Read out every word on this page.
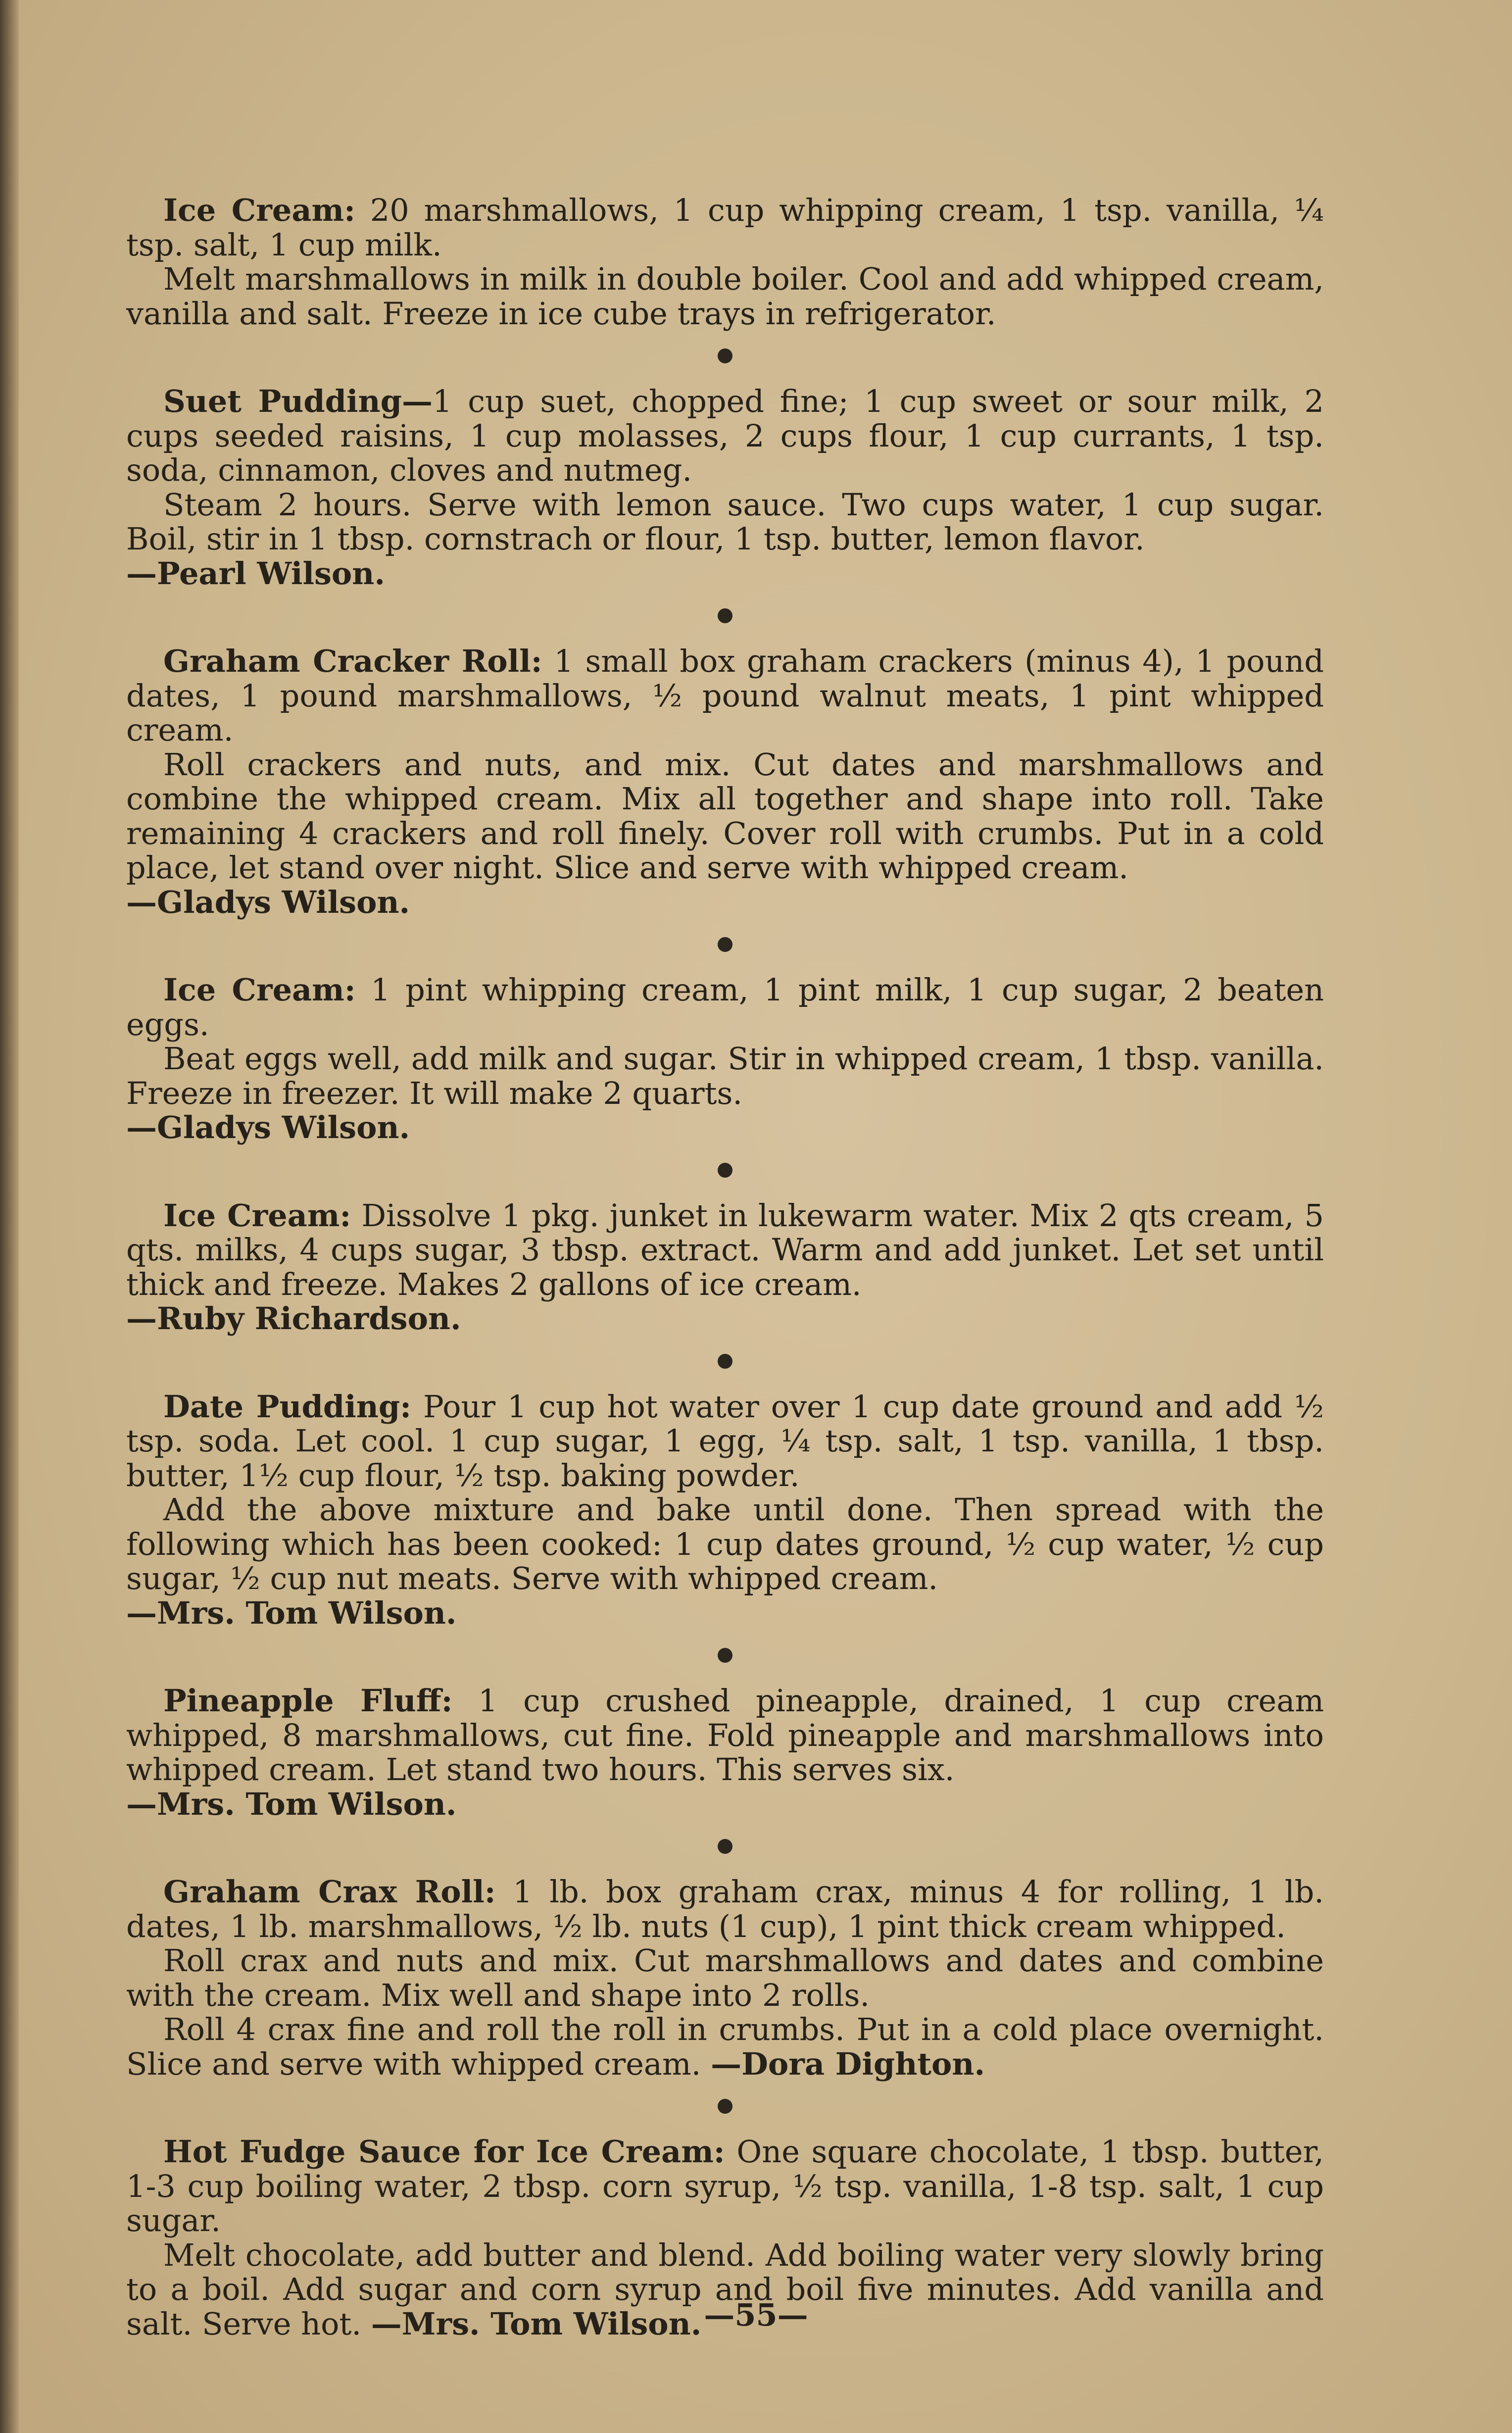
Ice Cream: 20 marshmallows, 1 cup whipping cream, 1 tsp. vanilla, ¼ tsp. salt, 1 cup milk.

Melt marshmallows in milk in double boiler. Cool and add whipped cream, vanilla and salt. Freeze in ice cube trays in refrigerator.

Suet Pudding—1 cup suet, chopped fine; 1 cup sweet or sour milk, 2 cups seeded raisins, 1 cup molasses, 2 cups flour, 1 cup currants, 1 tsp. soda, cinnamon, cloves and nutmeg.

Steam 2 hours. Serve with lemon sauce. Two cups water, 1 cup sugar. Boil, stir in 1 tbsp. cornstrach or flour, 1 tsp. butter, lemon flavor.

—Pearl Wilson.

Graham Cracker Roll: 1 small box graham crackers (minus 4), 1 pound dates, 1 pound marshmallows, ½ pound walnut meats, 1 pint whipped cream.

Roll crackers and nuts, and mix. Cut dates and marshmallows and combine the whipped cream. Mix all together and shape into roll. Take remaining 4 crackers and roll finely. Cover roll with crumbs. Put in a cold place, let stand over night. Slice and serve with whipped cream.

—Gladys Wilson.

Ice Cream: 1 pint whipping cream, 1 pint milk, 1 cup sugar, 2 beaten eggs.

Beat eggs well, add milk and sugar. Stir in whipped cream, 1 tbsp. vanilla. Freeze in freezer. It will make 2 quarts.

—Gladys Wilson.

Ice Cream: Dissolve 1 pkg. junket in lukewarm water. Mix 2 qts cream, 5 qts. milks, 4 cups sugar, 3 tbsp. extract. Warm and add junket. Let set until thick and freeze. Makes 2 gallons of ice cream.

—Ruby Richardson.

Date Pudding: Pour 1 cup hot water over 1 cup date ground and add ½ tsp. soda. Let cool. 1 cup sugar, 1 egg, ¼ tsp. salt, 1 tsp. vanilla, 1 tbsp. butter, 1½ cup flour, ½ tsp. baking powder.

Add the above mixture and bake until done. Then spread with the following which has been cooked: 1 cup dates ground, ½ cup water, ½ cup sugar, ½ cup nut meats. Serve with whipped cream.

—Mrs. Tom Wilson.

Pineapple Fluff: 1 cup crushed pineapple, drained, 1 cup cream whipped, 8 marshmallows, cut fine. Fold pineapple and marshmallows into whipped cream. Let stand two hours. This serves six.

—Mrs. Tom Wilson.

Graham Crax Roll: 1 lb. box graham crax, minus 4 for rolling, 1 lb. dates, 1 lb. marshmallows, ½ lb. nuts (1 cup), 1 pint thick cream whipped.

Roll crax and nuts and mix. Cut marshmallows and dates and combine with the cream. Mix well and shape into 2 rolls.

Roll 4 crax fine and roll the roll in crumbs. Put in a cold place overnight. Slice and serve with whipped cream. —Dora Dighton.

Hot Fudge Sauce for Ice Cream: One square chocolate, 1 tbsp. butter, 1-3 cup boiling water, 2 tbsp. corn syrup, ½ tsp. vanilla, 1-8 tsp. salt, 1 cup sugar.

Melt chocolate, add butter and blend. Add boiling water very slowly bring to a boil. Add sugar and corn syrup and boil five minutes. Add vanilla and salt. Serve hot. —Mrs. Tom Wilson. —55—
